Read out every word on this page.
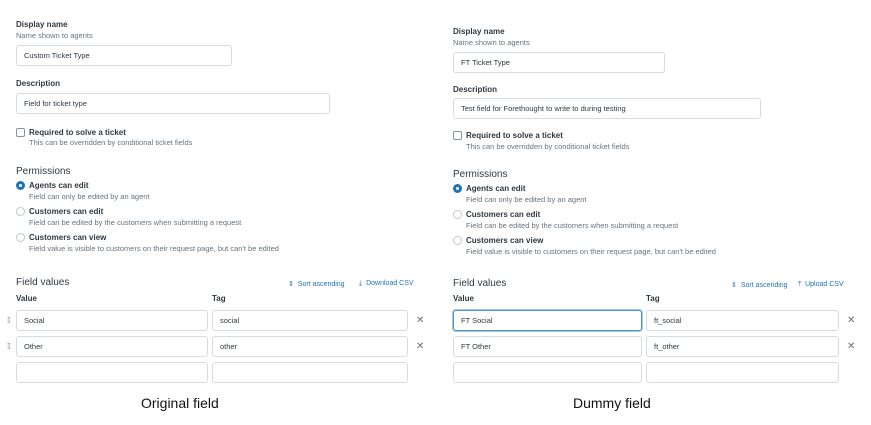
Display name
Name shown to agents
Custom Ticket Type
Description
Field for ticket type
Required to solve a ticket
This can be overridden by conditional ticket fields
Permissions
Agents can edit
Field can only be edited by an agent
Customers can edit
Field can be edited by the customers when submitting a request
Customers can view
Field value is visible to customers on their request page, but can't be edited
Field values	⇕ Sort ascending ⤓ Download CSV
Value	Tag
⁞⁞	Social	social	✕
⁞⁞	Other	other	✕
Original field
Display name
Name shown to agents
FT Ticket Type
Description
Test field for Forethought to write to during testing
Required to solve a ticket
This can be overridden by conditional ticket fields
Permissions
Agents can edit
Field can only be edited by an agent
Customers can edit
Field can be edited by the customers when submitting a request
Customers can view
Field value is visible to customers on their request page, but can't be edited
Field values	⇕ Sort ascending ⤒ Upload CSV
Value	Tag
FT Social	ft_social	✕
FT Other	ft_other	✕
Dummy field
